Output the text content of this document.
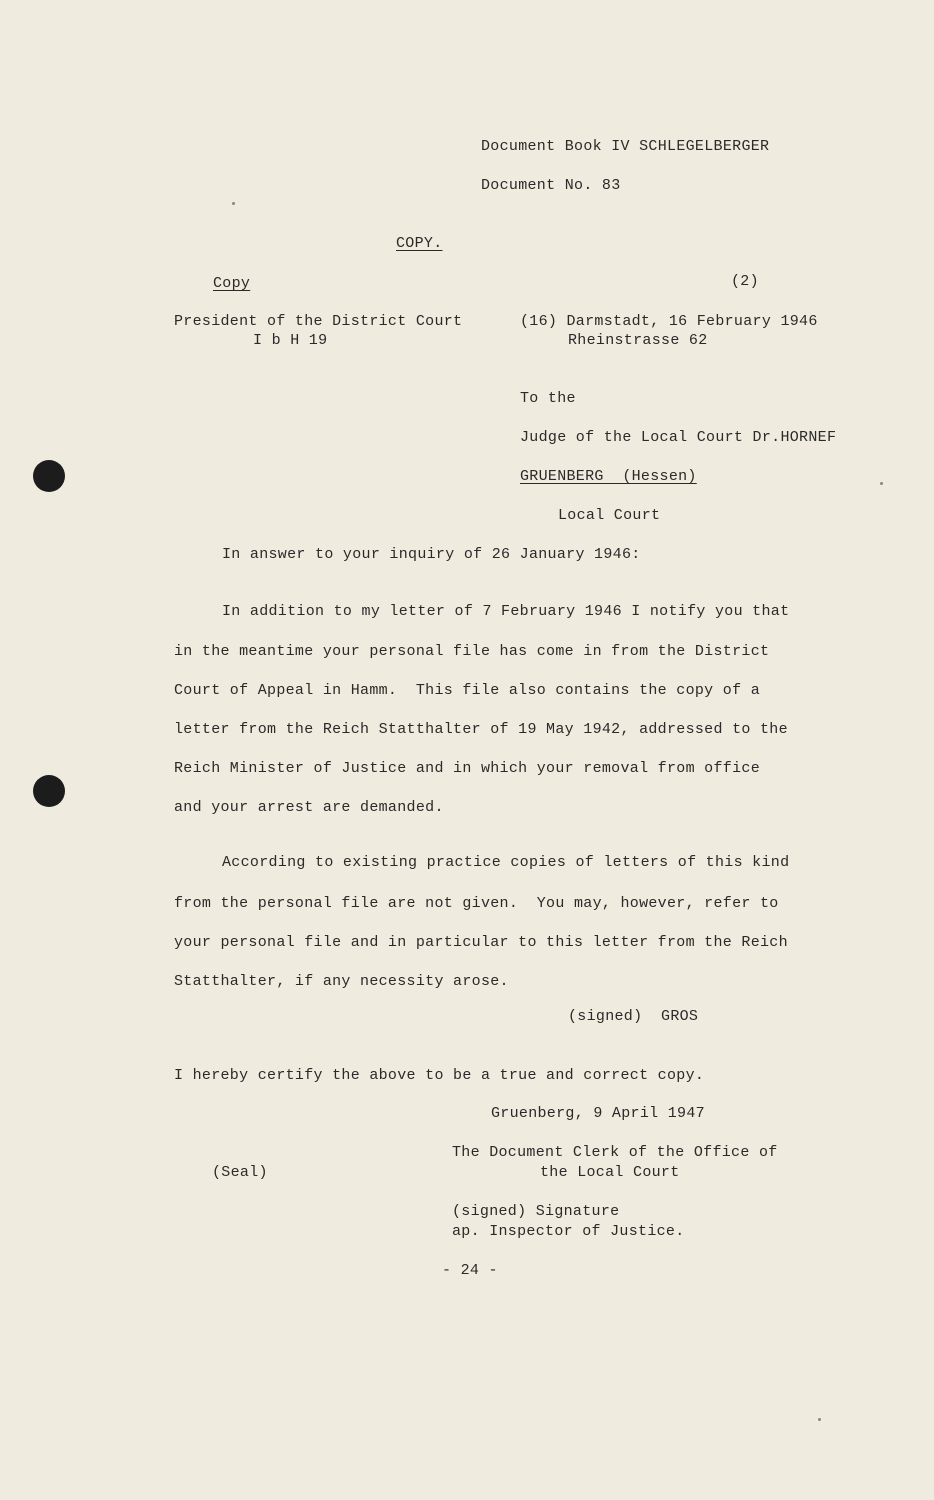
Document Book IV SCHLEGELBERGER
Document No. 83
COPY.
Copy	(2)
President of the District Court
I b H 19
(16) Darmstadt, 16 February 1946
Rheinstrasse 62
To the
Judge of the Local Court Dr.HORNEF
GRUENBERG  (Hessen)
Local Court
In answer to your inquiry of 26 January 1946:
In addition to my letter of 7 February 1946 I notify you that
in the meantime your personal file has come in from the District
Court of Appeal in Hamm.  This file also contains the copy of a
letter from the Reich Statthalter of 19 May 1942, addressed to the
Reich Minister of Justice and in which your removal from office
and your arrest are demanded.
According to existing practice copies of letters of this kind
from the personal file are not given.  You may, however, refer to
your personal file and in particular to this letter from the Reich
Statthalter, if any necessity arose.
(signed)  GROS
I hereby certify the above to be a true and correct copy.
Gruenberg, 9 April 1947
The Document Clerk of the Office of
the Local Court
(Seal)
(signed) Signature
ap. Inspector of Justice.
- 24 -
